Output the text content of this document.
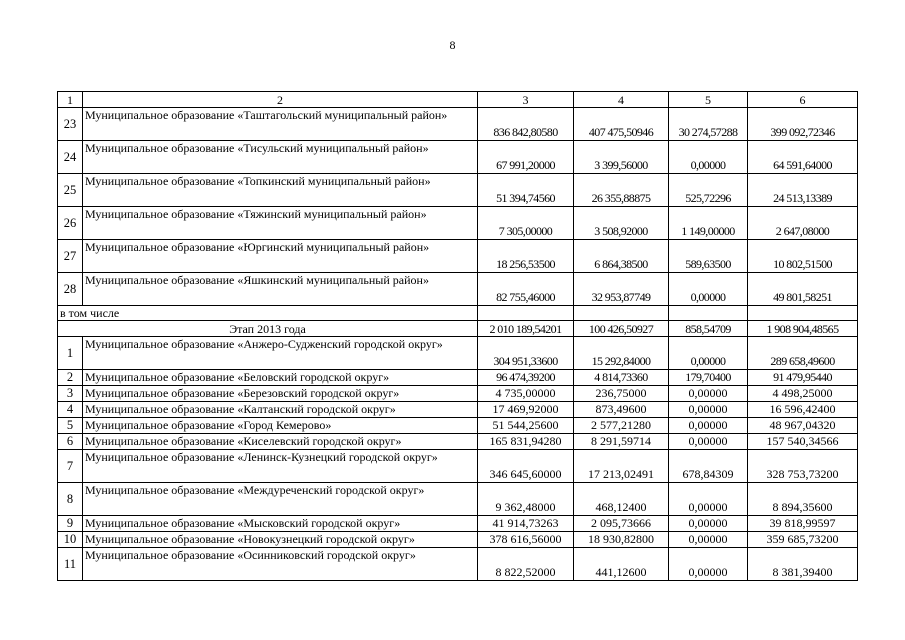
8
1	2	3	4	5	6
23	Муниципальное образование «Таштагольский муниципальный район»	836 842,80580	407 475,50946	30 274,57288	399 092,72346
24	Муниципальное образование «Тисульский муниципальный район»	67 991,20000	3 399,56000	0,00000	64 591,64000
25	Муниципальное образование «Топкинский муниципальный район»	51 394,74560	26 355,88875	525,72296	24 513,13389
26	Муниципальное образование «Тяжинский муниципальный район»	7 305,00000	3 508,92000	1 149,00000	2 647,08000
27	Муниципальное образование «Юргинский муниципальный район»	18 256,53500	6 864,38500	589,63500	10 802,51500
28	Муниципальное образование «Яшкинский муниципальный район»	82 755,46000	32 953,87749	0,00000	49 801,58251
в том числе					
Этап 2013 года		2 010 189,54201	100 426,50927	858,54709	1 908 904,48565
1	Муниципальное образование «Анжеро-Судженский городской округ»	304 951,33600	15 292,84000	0,00000	289 658,49600
2	Муниципальное образование «Беловский городской округ»	96 474,39200	4 814,73360	179,70400	91 479,95440
3	Муниципальное образование «Березовский городской округ»	4 735,00000	236,75000	0,00000	4 498,25000
4	Муниципальное образование «Калтанский городской округ»	17 469,92000	873,49600	0,00000	16 596,42400
5	Муниципальное образование «Город Кемерово»	51 544,25600	2 577,21280	0,00000	48 967,04320
6	Муниципальное образование «Киселевский городской округ»	165 831,94280	8 291,59714	0,00000	157 540,34566
7	Муниципальное образование «Ленинск-Кузнецкий городской округ»	346 645,60000	17 213,02491	678,84309	328 753,73200
8	Муниципальное образование «Междуреченский городской округ»	9 362,48000	468,12400	0,00000	8 894,35600
9	Муниципальное образование «Мысковский городской округ»	41 914,73263	2 095,73666	0,00000	39 818,99597
10	Муниципальное образование «Новокузнецкий городской округ»	378 616,56000	18 930,82800	0,00000	359 685,73200
11	Муниципальное образование «Осинниковский городской округ»	8 822,52000	441,12600	0,00000	8 381,39400
